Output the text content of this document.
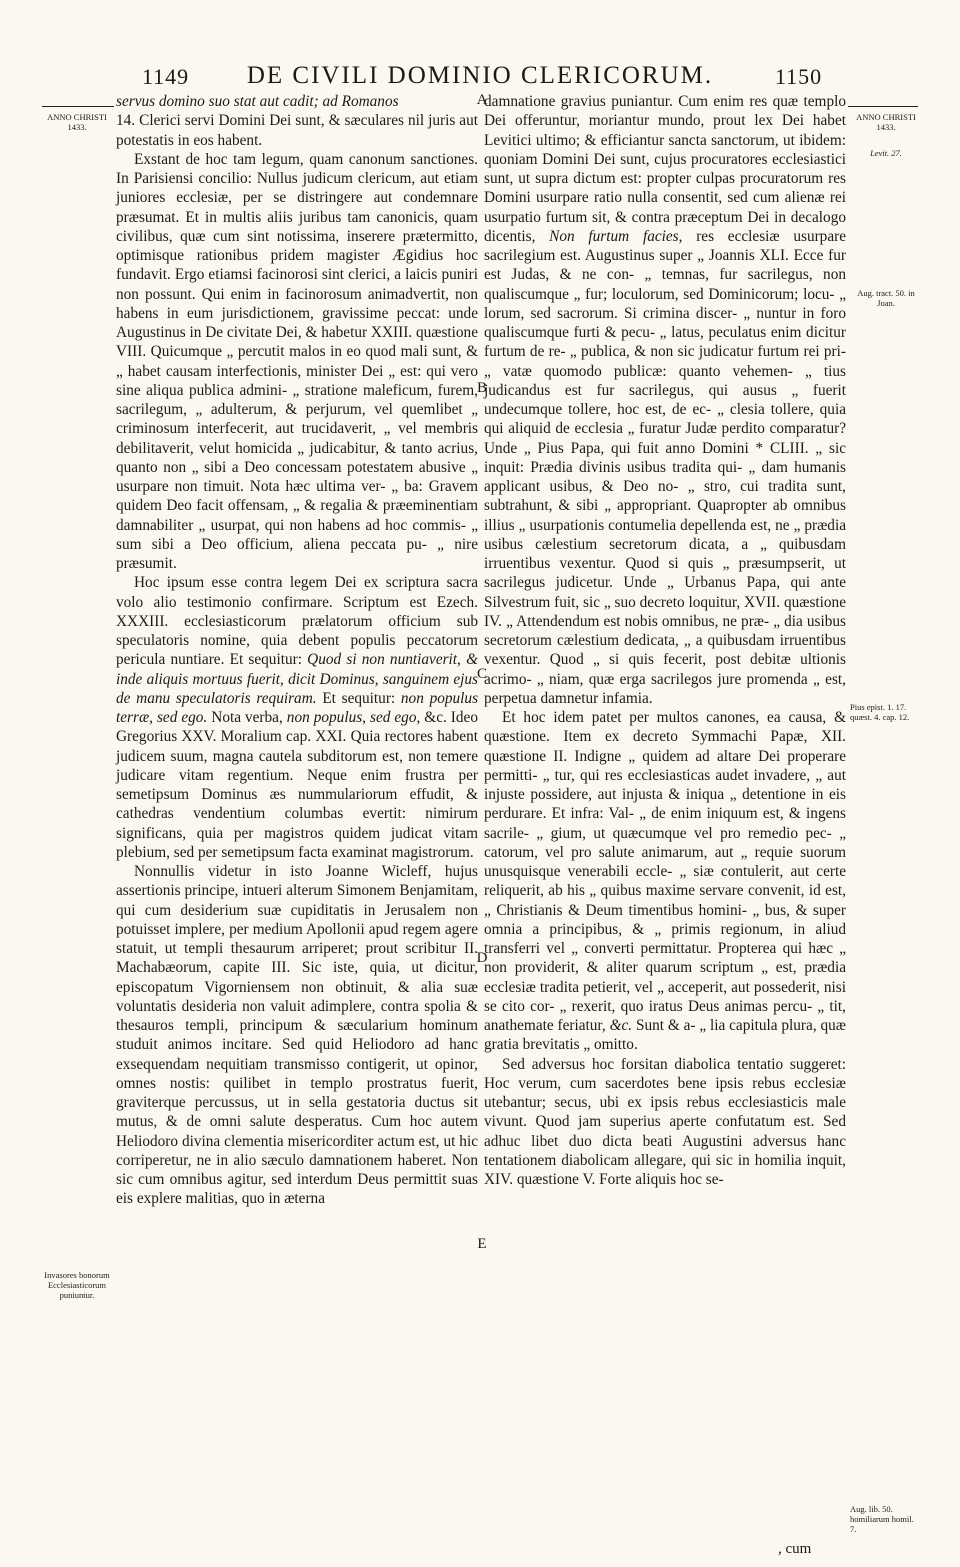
1149	DE CIVILI DOMINIO CLERICORUM.	1150
ANNO CHRISTI 1433.
Invasores bonorum Ecclesiasticorum puniuntur.
ANNO CHRISTI 1433.
Levit. 27.
Aug. tract. 50. in Joan.
Pius epist. 1. 17. quæst. 4. cap. 12.
Aug. lib. 50. homiliarum homil. 7.
A
B
C
D
E

servus domino suo stat aut cadit; ad Romanos

14. Clerici servi Domini Dei sunt, & sæculares nil juris aut potestatis in eos habent.

Exstant de hoc tam legum, quam canonum sanctiones. In Parisiensi concilio: Nullus judicum clericum, aut etiam juniores ecclesiæ, per se distringere aut condemnare præsumat. Et in multis aliis juribus tam canonicis, quam civilibus, quæ cum sint notissima, inserere prætermitto, optimisque rationibus pridem magister Ægidius hoc fundavit. Ergo etiamsi facinorosi sint clerici, a laicis puniri non possunt. Qui enim in facinorosum animadvertit, non habens in eum jurisdictionem, gravissime peccat: unde Augustinus in De civitate Dei, & habetur XXIII. quæstione VIII. Quicumque „ percutit malos in eo quod mali sunt, & „ habet causam interfectionis, minister Dei „ est: qui vero sine aliqua publica admini- „ stratione maleficum, furem, sacrilegum, „ adulterum, & perjurum, vel quemlibet „ criminosum interfecerit, aut trucidaverit, „ vel membris debilitaverit, velut homicida „ judicabitur, & tanto acrius, quanto non „ sibi a Deo concessam potestatem abusive „ usurpare non timuit. Nota hæc ultima ver- „ ba: Gravem quidem Deo facit offensam, „ & regalia & præeminentiam damnabiliter „ usurpat, qui non habens ad hoc commis- „ sum sibi a Deo officium, aliena peccata pu- „ nire præsumit.

Hoc ipsum esse contra legem Dei ex scriptura sacra volo alio testimonio confirmare. Scriptum est Ezech. XXXIII. ecclesiasticorum prælatorum officium sub speculatoris nomine, quia debent populis peccatorum pericula nuntiare. Et sequitur: Quod si non nuntiaverit, & inde aliquis mortuus fuerit, dicit Dominus, sanguinem ejus de manu speculatoris requiram. Et sequitur: non populus terræ, sed ego. Nota verba, non populus, sed ego, &c. Ideo Gregorius XXV. Moralium cap. XXI. Quia rectores habent judicem suum, magna cautela subditorum est, non temere judicare vitam regentium. Neque enim frustra per semetipsum Dominus æs nummulariorum effudit, & cathedras vendentium columbas evertit: nimirum significans, quia per magistros quidem judicat vitam plebium, sed per semetipsum facta examinat magistrorum.

Nonnullis videtur in isto Joanne Wicleff, hujus assertionis principe, intueri alterum Simonem Benjamitam, qui cum desiderium suæ cupiditatis in Jerusalem non potuisset implere, per medium Apollonii apud regem agere statuit, ut templi thesaurum arriperet; prout scribitur II. Machabæorum, capite III. Sic iste, quia, ut dicitur, episcopatum Vigorniensem non obtinuit, & alia suæ voluntatis desideria non valuit adimplere, contra spolia & thesauros templi, principum & sæcularium hominum studuit animos incitare. Sed quid Heliodoro ad hanc exsequendam nequitiam transmisso contigerit, ut opinor, omnes nostis: quilibet in templo prostratus fuerit, graviterque percussus, ut in sella gestatoria ductus sit mutus, & de omni salute desperatus. Cum hoc autem Heliodoro divina clementia misericorditer actum est, ut hic corriperetur, ne in alio sæculo damnationem haberet. Non sic cum omnibus agitur, sed interdum Deus permittit suas eis explere malitias, quo in æterna

damnatione gravius puniantur. Cum enim res quæ templo Dei offeruntur, moriantur mundo, prout lex Dei habet Levitici ultimo; & efficiantur sancta sanctorum, ut ibidem: quoniam Domini Dei sunt, cujus procuratores ecclesiastici sunt, ut supra dictum est: propter culpas procuratorum res Domini usurpare ratio nulla consentit, sed cum alienæ rei usurpatio furtum sit, & contra præceptum Dei in decalogo dicentis, Non furtum facies, res ecclesiæ usurpare sacrilegium est. Augustinus super „ Joannis XLI. Ecce fur est Judas, & ne con- „ temnas, fur sacrilegus, non qualiscumque „ fur; loculorum, sed Dominicorum; locu- „ lorum, sed sacrorum. Si crimina discer- „ nuntur in foro qualiscumque furti & pecu- „ latus, peculatus enim dicitur furtum de re- „ publica, & non sic judicatur furtum rei pri- „ vatæ quomodo publicæ: quanto vehemen- „ tius judicandus est fur sacrilegus, qui ausus „ fuerit undecumque tollere, hoc est, de ec- „ clesia tollere, quia qui aliquid de ecclesia „ furatur Judæ perdito comparatur? Unde „ Pius Papa, qui fuit anno Domini * CLIII. „ sic inquit: Prædia divinis usibus tradita qui- „ dam humanis applicant usibus, & Deo no- „ stro, cui tradita sunt, subtrahunt, & sibi „ appropriant. Quapropter ab omnibus illius „ usurpationis contumelia depellenda est, ne „ prædia usibus cælestium secretorum dicata, a „ quibusdam irruentibus vexentur. Quod si quis „ præsumpserit, ut sacrilegus judicetur. Unde „ Urbanus Papa, qui ante Silvestrum fuit, sic „ suo decreto loquitur, XVII. quæstione IV. „ Attendendum est nobis omnibus, ne præ- „ dia usibus secretorum cælestium dedicata, „ a quibusdam irruentibus vexentur. Quod „ si quis fecerit, post debitæ ultionis acrimo- „ niam, quæ erga sacrilegos jure promenda „ est, perpetua damnetur infamia.

Et hoc idem patet per multos canones, ea causa, & quæstione. Item ex decreto Symmachi Papæ, XII. quæstione II. Indigne „ quidem ad altare Dei properare permitti- „ tur, qui res ecclesiasticas audet invadere, „ aut injuste possidere, aut injusta & iniqua „ detentione in eis perdurare. Et infra: Val- „ de enim iniquum est, & ingens sacrile- „ gium, ut quæcumque vel pro remedio pec- „ catorum, vel pro salute animarum, aut „ requie suorum unusquisque venerabili eccle- „ siæ contulerit, aut certe reliquerit, ab his „ quibus maxime servare convenit, id est, „ Christianis & Deum timentibus homini- „ bus, & super omnia a principibus, & „ primis regionum, in aliud transferri vel „ converti permittatur. Propterea qui hæc „ non providerit, & aliter quarum scriptum „ est, prædia ecclesiæ tradita petierit, vel „ acceperit, aut possederit, nisi se cito cor- „ rexerit, quo iratus Deus animas percu- „ tit, anathemate feriatur, &c. Sunt & a- „ lia capitula plura, quæ gratia brevitatis „ omitto.

Sed adversus hoc forsitan diabolica tentatio suggeret: Hoc verum, cum sacerdotes bene ipsis rebus ecclesiæ utebantur; secus, ubi ex ipsis rebus ecclesiasticis male vivunt. Quod jam superius aperte confutatum est. Sed adhuc libet duo dicta beati Augustini adversus hanc tentationem diabolicam allegare, qui sic in homilia inquit, XIV. quæstione V. Forte aliquis hoc se-

, cum
